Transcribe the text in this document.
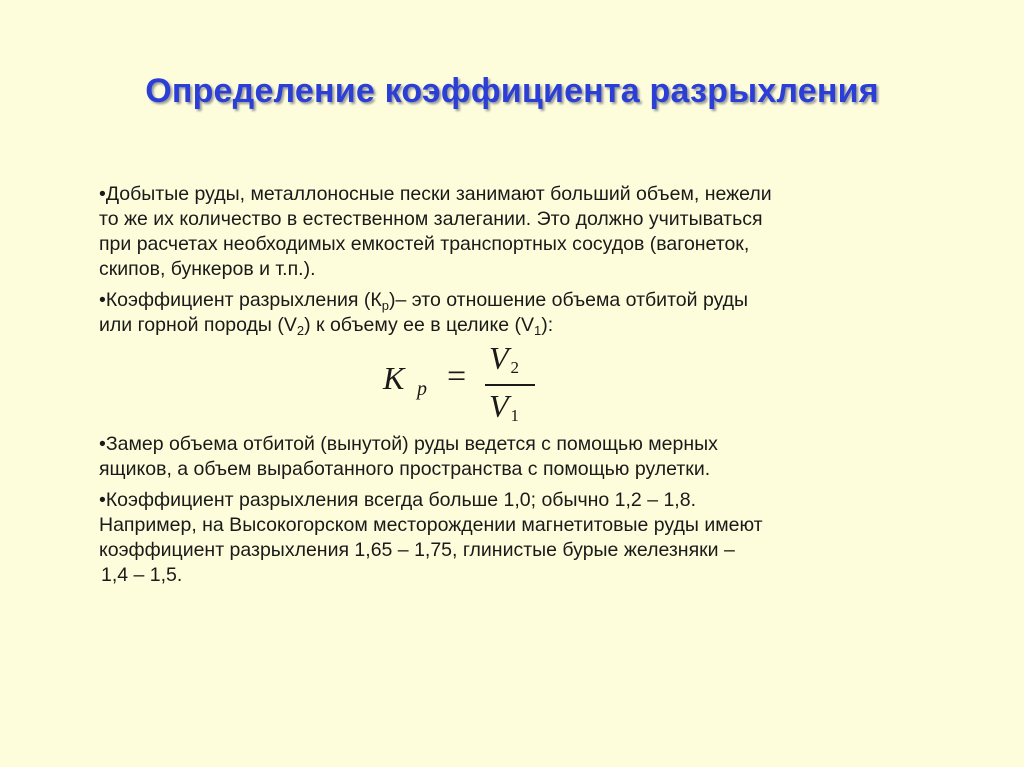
Определение коэффициента разрыхления
•Добытые руды, металлоносные пески занимают больший объем, нежели
то же их количество в естественном залегании. Это должно учитываться
при расчетах необходимых емкостей транспортных сосудов (вагонеток,
скипов, бункеров и т.п.).
•Коэффициент разрыхления $(К_р)-$ это отношение объема отбитой руды
или горной породы $(V_2)$ к объему ее в целике $(V_1)$:
K p = V 2
V 1
•Замер объема отбитой (вынутой) руды ведется с помощью мерных
ящиков, а объем выработанного пространства с помощью рулетки.
•Коэффициент разрыхления всегда больше 1,0; обычно 1,2 – 1,8.
Например, на Высокогорском месторождении магнетитовые руды имеют
коэффициент разрыхления 1,65 – 1,75, глинистые бурые железняки –
1,4 – 1,5.
